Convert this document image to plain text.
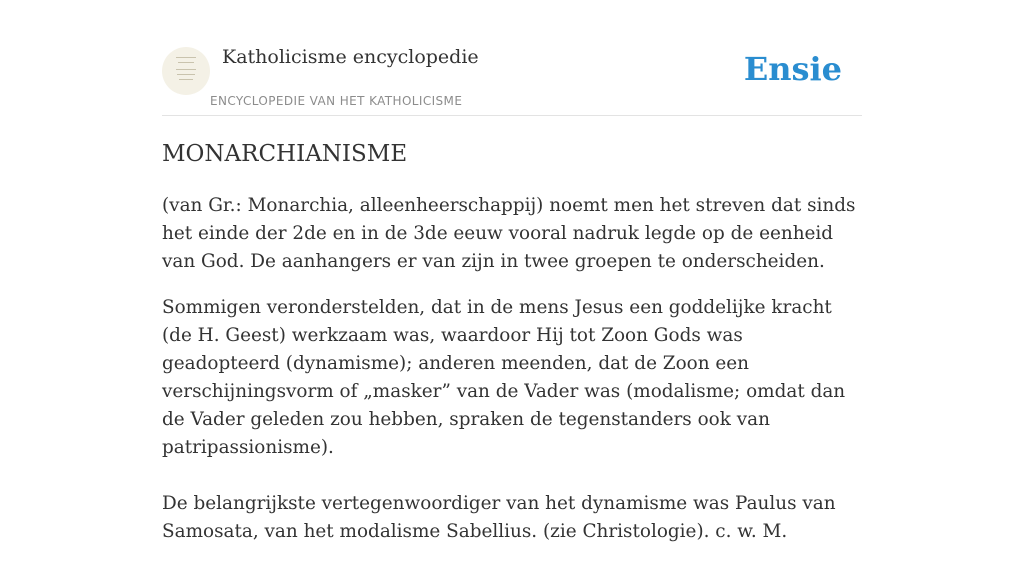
Katholicisme encyclopedie
ENCYCLOPEDIE VAN HET KATHOLICISME
Ensie
MONARCHIANISME

(van Gr.: Monarchia, alleenheerschappij) noemt men het streven dat sinds het einde der 2de en in de 3de eeuw vooral nadruk legde op de eenheid van God. De aanhangers er van zijn in twee groepen te onderscheiden.

Sommigen veronderstelden, dat in de mens Jesus een goddelijke kracht (de H. Geest) werkzaam was, waardoor Hij tot Zoon Gods was geadopteerd (dynamisme); anderen meenden, dat de Zoon een verschijningsvorm of „masker” van de Vader was (modalisme; omdat dan de Vader geleden zou hebben, spraken de tegenstanders ook van patripassionisme).

De belangrijkste vertegenwoordiger van het dynamisme was Paulus van Samosata, van het modalisme Sabellius. (zie Christologie). c. w. M.
